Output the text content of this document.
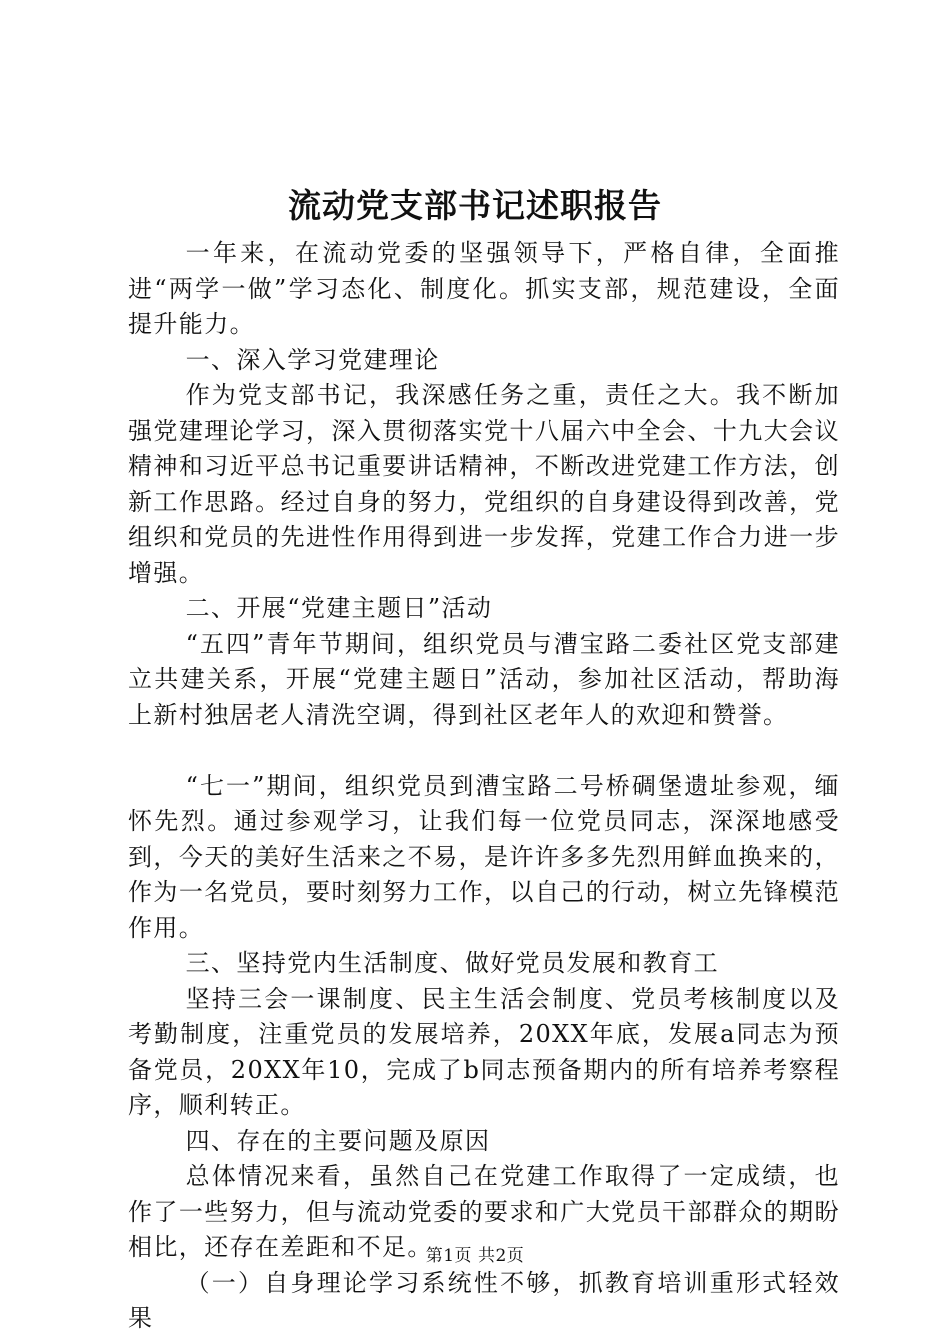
流动党支部书记述职报告

一年来，在流动党委的坚强领导下，严格自律，全面推进“两学一做”学习态化、制度化。抓实支部，规范建设，全面提升能力。

一、深入学习党建理论

作为党支部书记，我深感任务之重，责任之大。我不断加强党建理论学习，深入贯彻落实党十八届六中全会、十九大会议精神和习近平总书记重要讲话精神，不断改进党建工作方法，创新工作思路。经过自身的努力，党组织的自身建设得到改善，党组织和党员的先进性作用得到进一步发挥，党建工作合力进一步增强。

二、开展“党建主题日”活动

“五四”青年节期间，组织党员与漕宝路二委社区党支部建立共建关系，开展“党建主题日”活动，参加社区活动，帮助海上新村独居老人清洗空调，得到社区老年人的欢迎和赞誉。

“七一”期间，组织党员到漕宝路二号桥碉堡遗址参观，缅怀先烈。通过参观学习，让我们每一位党员同志，深深地感受到，今天的美好生活来之不易，是许许多多先烈用鲜血换来的，作为一名党员，要时刻努力工作，以自己的行动，树立先锋模范作用。

三、坚持党内生活制度、做好党员发展和教育工

坚持三会一课制度、民主生活会制度、党员考核制度以及考勤制度，注重党员的发展培养，20XX年底，发展a同志为预备党员，20XX年10，完成了b同志预备期内的所有培养考察程序，顺利转正。

四、存在的主要问题及原因

总体情况来看，虽然自己在党建工作取得了一定成绩，也作了一些努力，但与流动党委的要求和广大党员干部群众的期盼相比，还存在差距和不足。

（一）自身理论学习系统性不够，抓教育培训重形式轻效果

第1页 共2页
